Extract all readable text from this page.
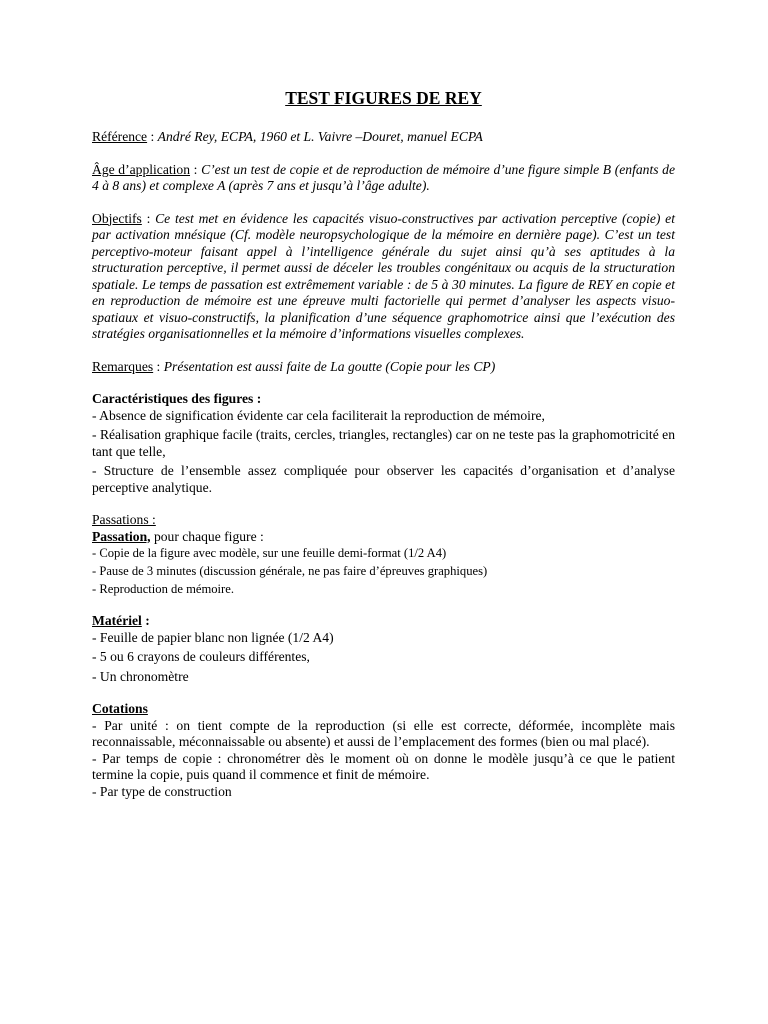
TEST FIGURES DE REY

Référence : André Rey, ECPA, 1960 et L. Vaivre –Douret, manuel ECPA

Âge d’application : C’est un test de copie et de reproduction de mémoire d’une figure simple B (enfants de 4 à 8 ans) et complexe A (après 7 ans et jusqu’à l’âge adulte).

Objectifs : Ce test met en évidence les capacités visuo-constructives par activation perceptive (copie) et par activation mnésique (Cf. modèle neuropsychologique de la mémoire en dernière page). C’est un test perceptivo-moteur faisant appel à l’intelligence générale du sujet ainsi qu’à ses aptitudes à la structuration perceptive, il permet aussi de déceler les troubles congénitaux ou acquis de la structuration spatiale. Le temps de passation est extrêmement variable : de 5 à 30 minutes. La figure de REY en copie et en reproduction de mémoire est une épreuve multi factorielle qui permet d’analyser les aspects visuo-spatiaux et visuo-constructifs, la planification d’une séquence graphomotrice ainsi que l’exécution des stratégies organisationnelles et la mémoire d’informations visuelles complexes.

Remarques : Présentation est aussi faite de La goutte (Copie pour les CP)

Caractéristiques des figures :

- Absence de signification évidente car cela faciliterait la reproduction de mémoire,

- Réalisation graphique facile (traits, cercles, triangles, rectangles) car on ne teste pas la graphomotricité en tant que telle,

- Structure de l’ensemble assez compliquée pour observer les capacités d’organisation et d’analyse perceptive analytique.

Passations :

Passation, pour chaque figure :

- Copie de la figure avec modèle, sur une feuille demi-format (1/2 A4)

- Pause de 3 minutes (discussion générale, ne pas faire d’épreuves graphiques)

- Reproduction de mémoire.

Matériel :

- Feuille de papier blanc non lignée (1/2 A4)

- 5 ou 6 crayons de couleurs différentes,

- Un chronomètre

Cotations

- Par unité : on tient compte de la reproduction (si elle est correcte, déformée, incomplète mais reconnaissable, méconnaissable ou absente) et aussi de l’emplacement des formes (bien ou mal placé).

- Par temps de copie : chronométrer dès le moment où on donne le modèle jusqu’à ce que le patient termine la copie, puis quand il commence et finit de mémoire.

- Par type de construction
